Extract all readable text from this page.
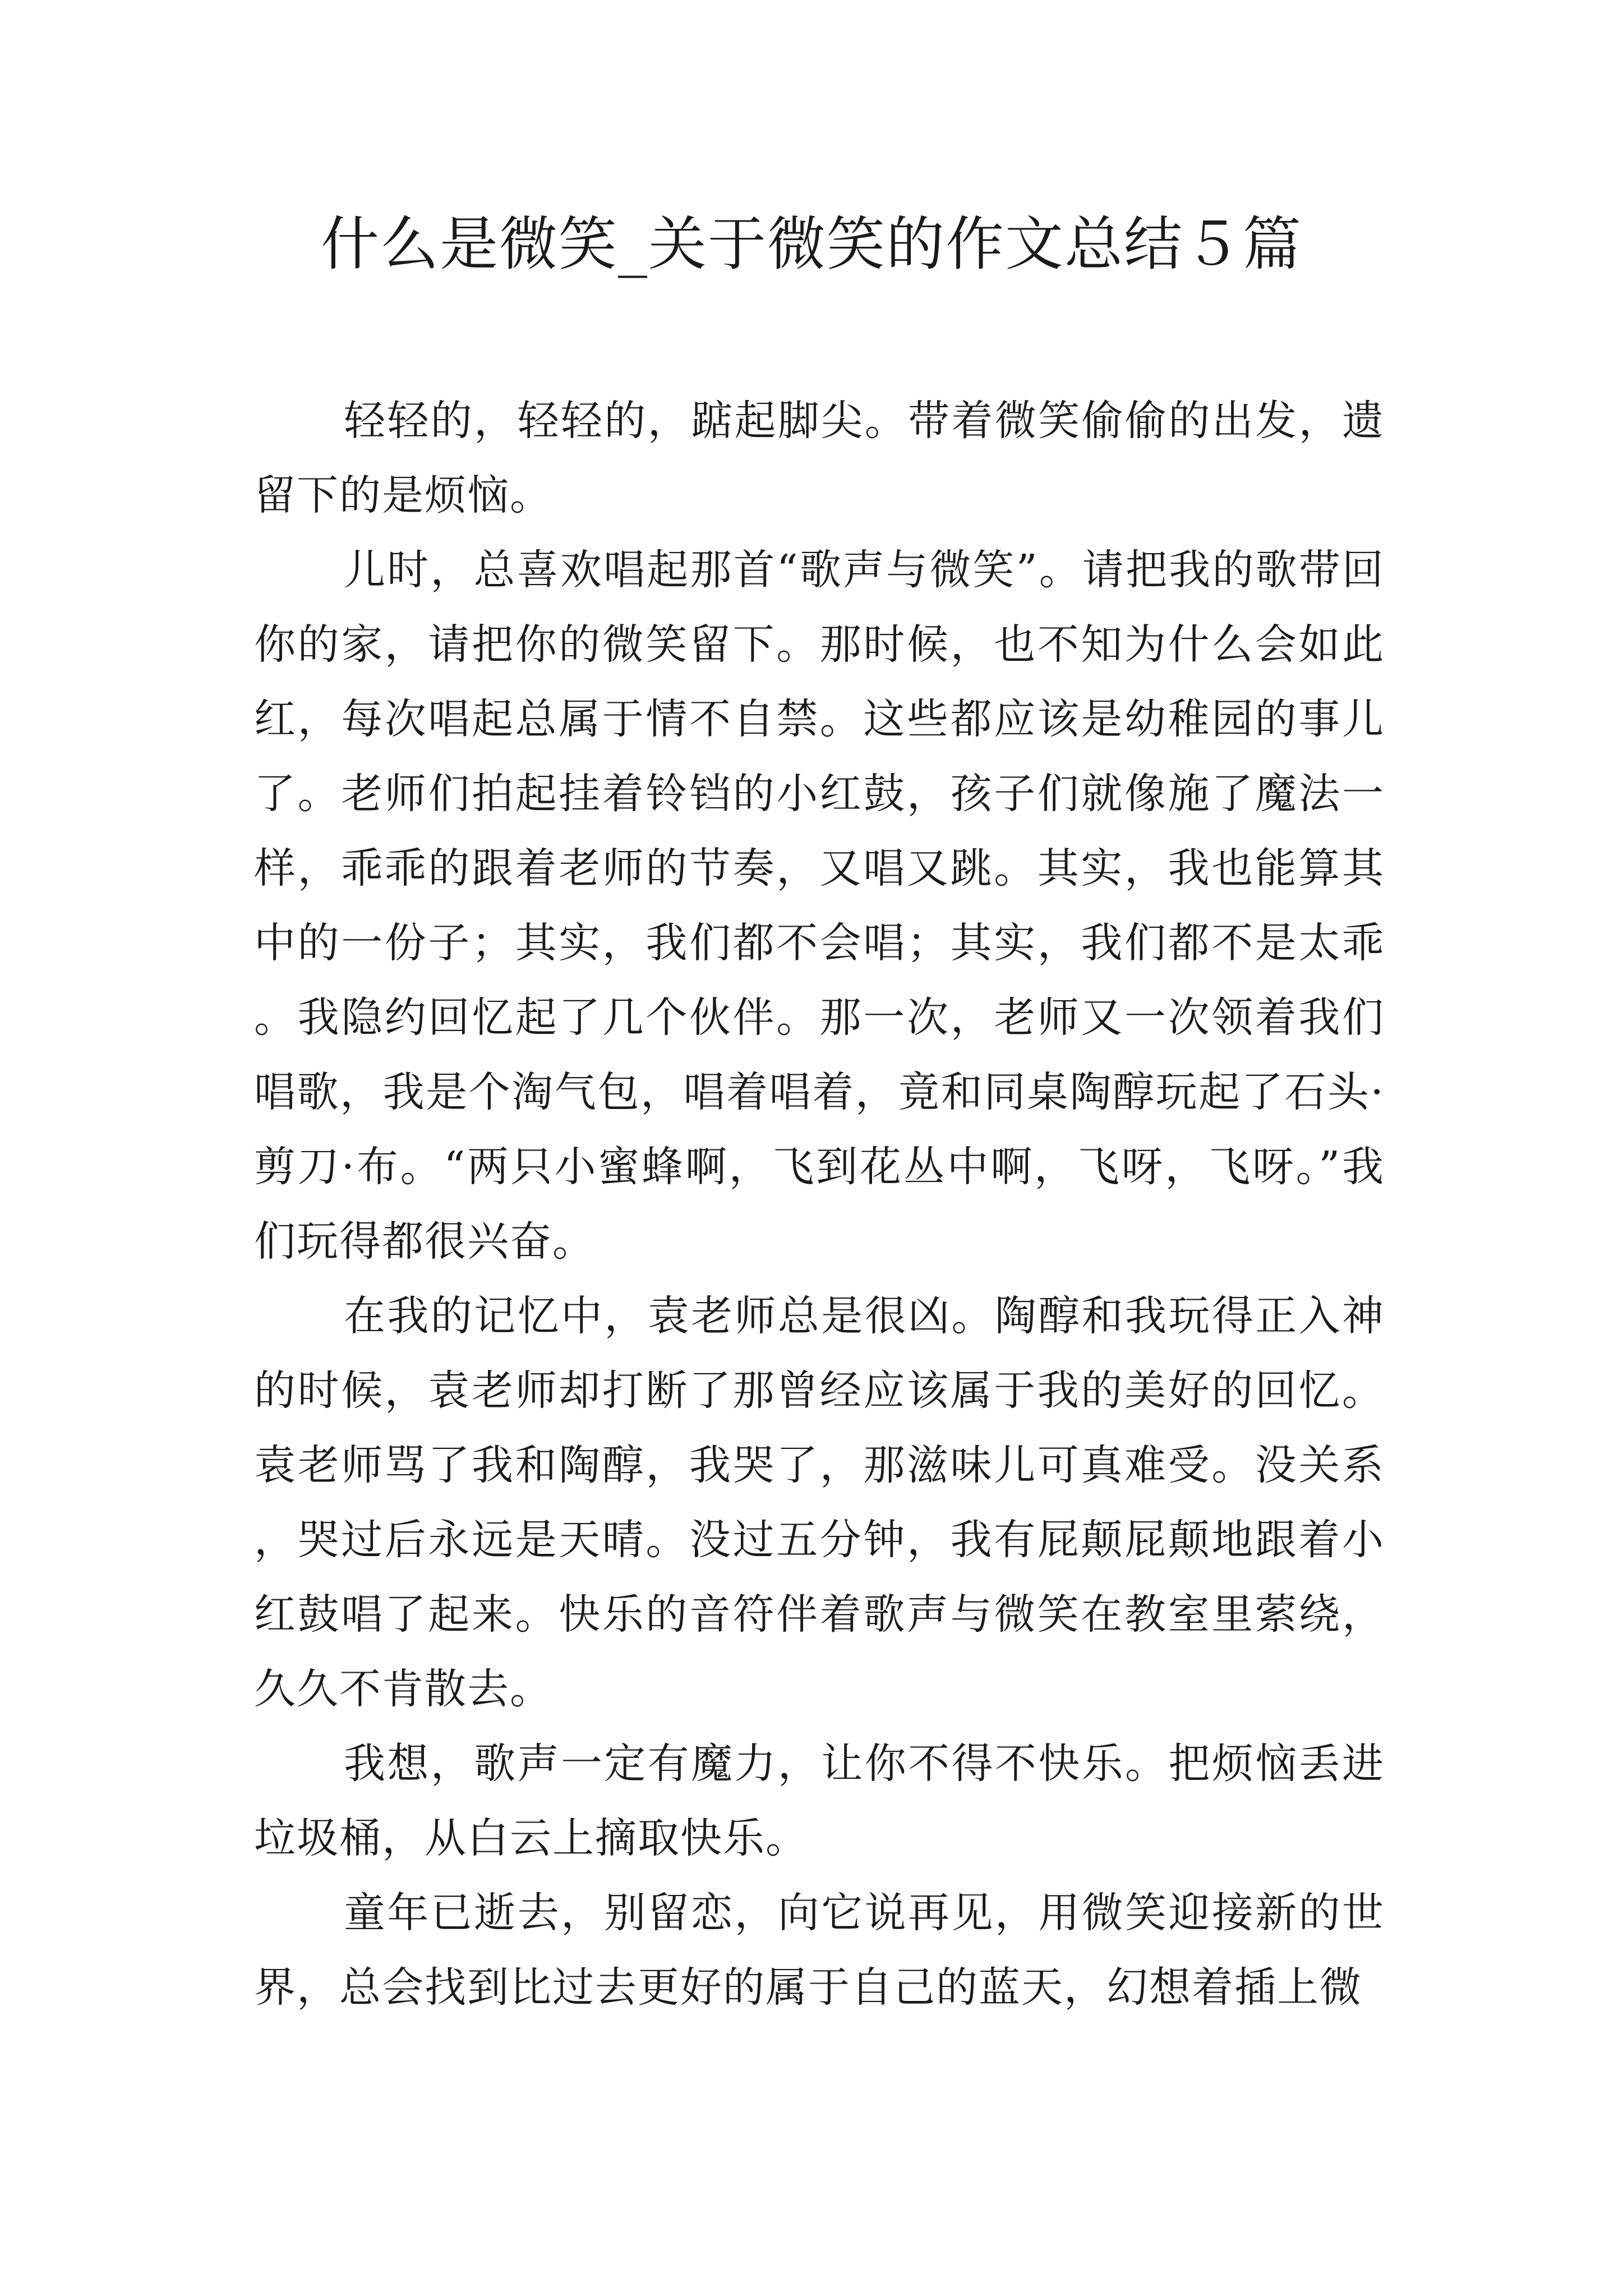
什么是微笑_关于微笑的作文总结５篇

轻轻的，轻轻的，踮起脚尖。带着微笑偷偷的出发，遗留下的是烦恼。

儿时，总喜欢唱起那首“歌声与微笑”。请把我的歌带回你的家，请把你的微笑留下。那时候，也不知为什么会如此红，每次唱起总属于情不自禁。这些都应该是幼稚园的事儿了。老师们拍起挂着铃铛的小红鼓，孩子们就像施了魔法一样，乖乖的跟着老师的节奏，又唱又跳。其实，我也能算其中的一份子；其实，我们都不会唱；其实，我们都不是太乖。我隐约回忆起了几个伙伴。那一次，老师又一次领着我们唱歌，我是个淘气包，唱着唱着，竟和同桌陶醇玩起了石头·剪刀·布。“两只小蜜蜂啊，飞到花丛中啊，飞呀，飞呀。”我们玩得都很兴奋。

在我的记忆中，袁老师总是很凶。陶醇和我玩得正入神的时候，袁老师却打断了那曾经应该属于我的美好的回忆。袁老师骂了我和陶醇，我哭了，那滋味儿可真难受。没关系，哭过后永远是天晴。没过五分钟，我有屁颠屁颠地跟着小红鼓唱了起来。快乐的音符伴着歌声与微笑在教室里萦绕，久久不肯散去。

我想，歌声一定有魔力，让你不得不快乐。把烦恼丢进垃圾桶，从白云上摘取快乐。

童年已逝去，别留恋，向它说再见，用微笑迎接新的世界，总会找到比过去更好的属于自己的蓝天，幻想着插上微
